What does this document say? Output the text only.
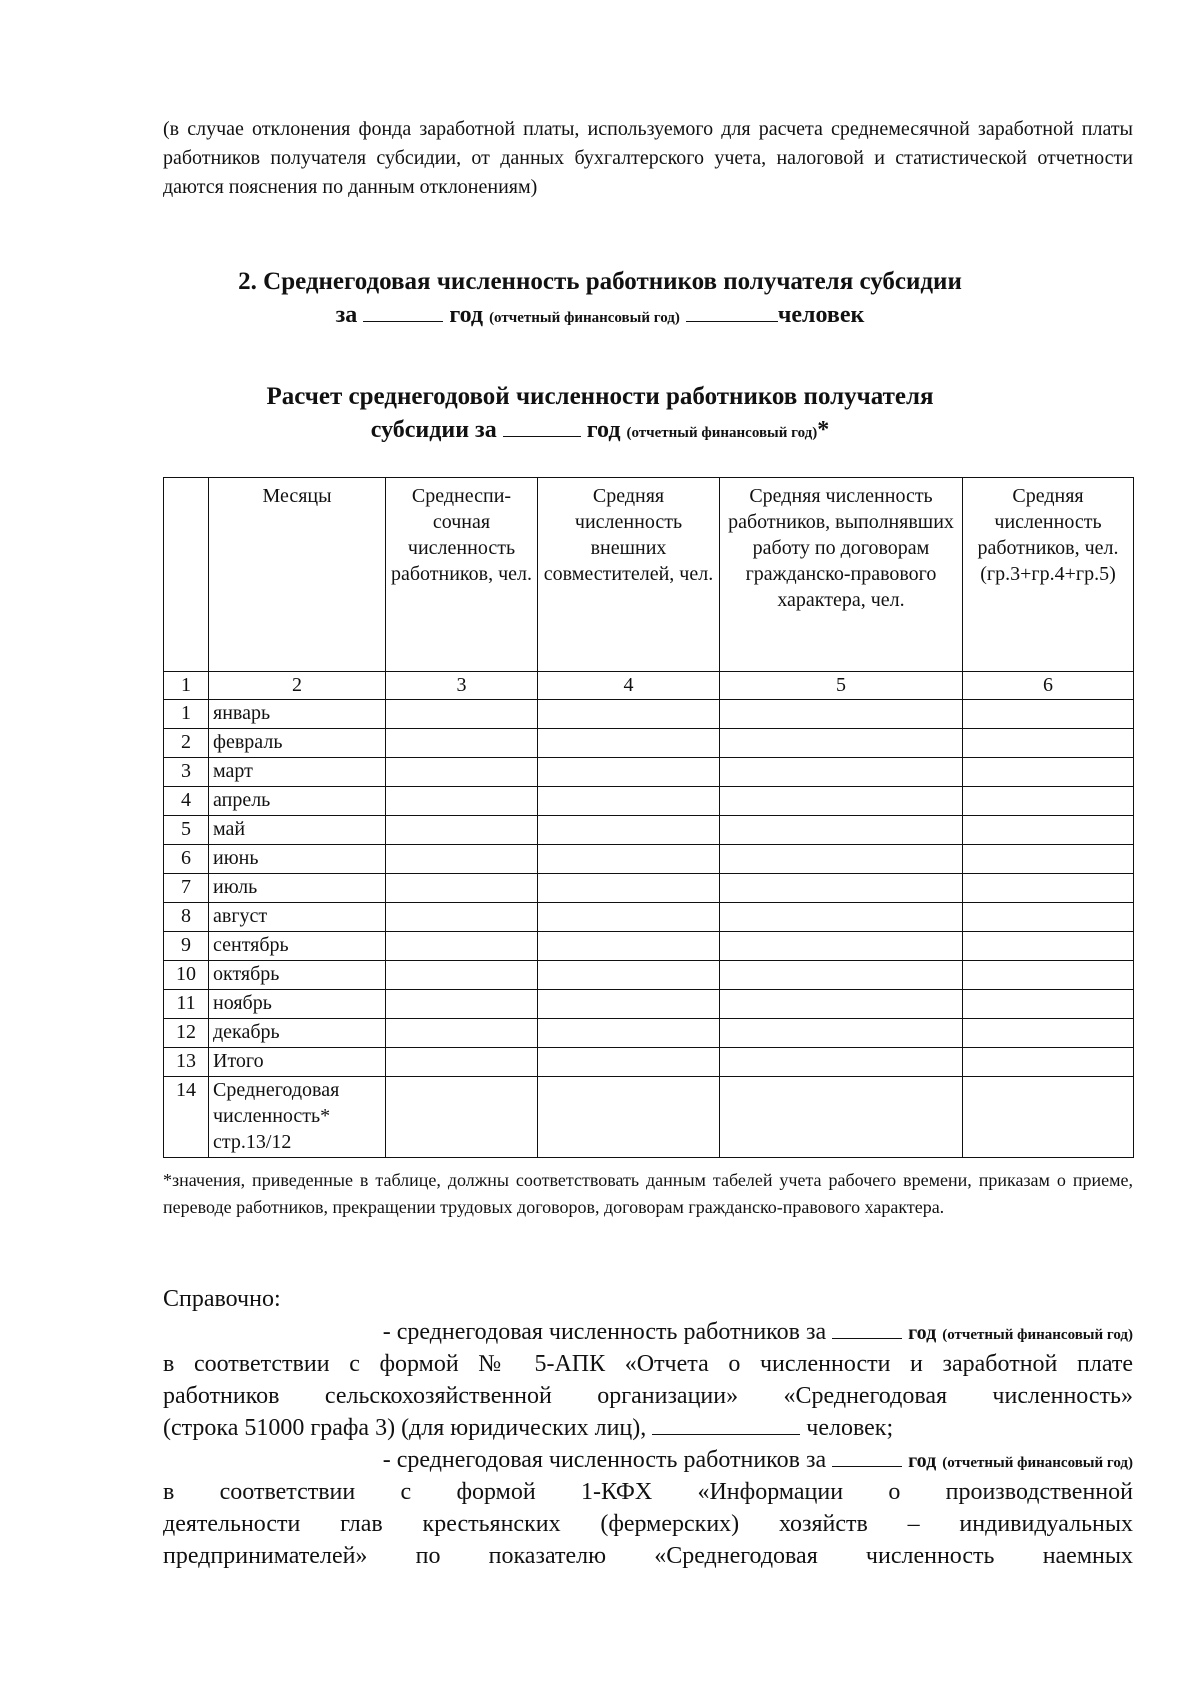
(в случае отклонения фонда заработной платы, используемого для расчета среднемесячной заработной платы работников получателя субсидии, от данных бухгалтерского учета, налоговой и статистической отчетности даются пояснения по данным отклонениям)
2. Среднегодовая численность работников получателя субсидии
за	год (отчетный финансовый год)	человек
Расчет среднегодовой численности работников получателя
субсидии за	год (отчетный финансовый год)*
	Месяцы	Среднеспи-сочная численность работников, чел.	Средняя численность внешних совместителей, чел.	Средняя численность работников, выполнявших работу по договорам гражданско-правового характера, чел.	Средняя численность работников, чел. (гр.3+гр.4+гр.5)
1	2	3	4	5	6
1	январь				
2	февраль				
3	март				
4	апрель				
5	май				
6	июнь				
7	июль				
8	август				
9	сентябрь				
10	октябрь				
11	ноябрь				
12	декабрь				
13	Итого				
14	Среднегодовая численность* стр.13/12				
*значения, приведенные в таблице, должны соответствовать данным табелей учета рабочего времени, приказам о приеме, переводе работников, прекращении трудовых договоров, договорам гражданско-правового характера.
Справочно:
- среднегодовая численность работников за	год (отчетный финансовый год)
в соответствии с формой № 5-АПК «Отчета о численности и заработной плате
работников сельскохозяйственной организации» «Среднегодовая численность»
(строка 51000 графа 3) (для юридических лиц),	человек;
- среднегодовая численность работников за	год (отчетный финансовый год)
в соответствии с формой 1-КФХ «Информации о производственной
деятельности глав крестьянских (фермерских) хозяйств – индивидуальных
предпринимателей» по показателю «Среднегодовая численность наемных
